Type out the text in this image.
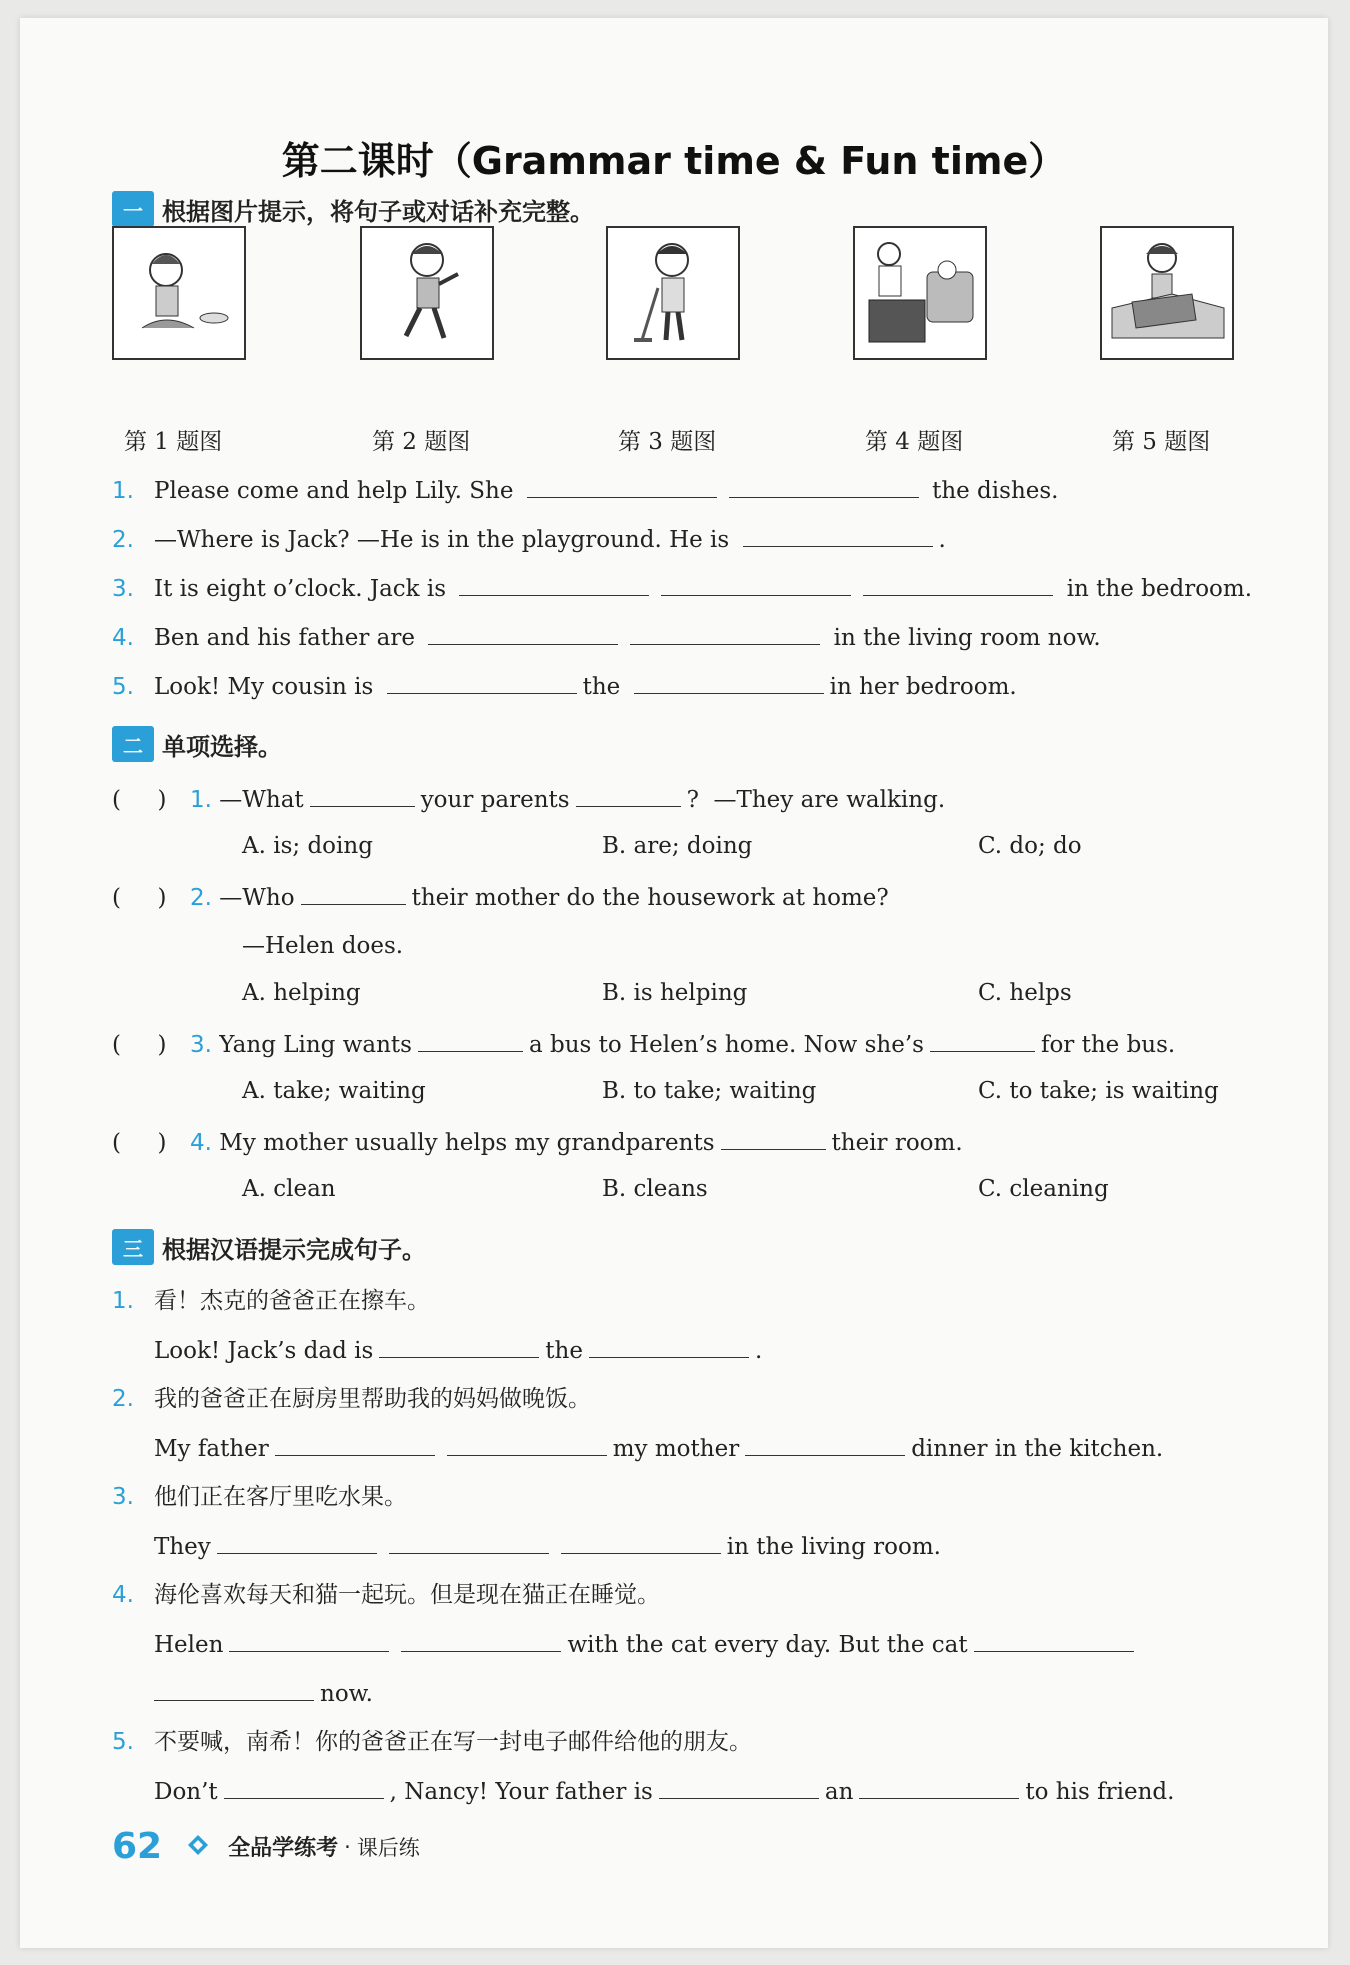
第二课时（Grammar time & Fun time）
一 根据图片提示，将句子或对话补充完整。
第 1 题图	第 2 题图	第 3 题图	第 4 题图	第 5 题图
1. Please come and help Lily. She	the dishes.
2. —Where is Jack? —He is in the playground. He is	.
3. It is eight o’clock. Jack is	in the bedroom.
4. Ben and his father are	in the living room now.
5. Look! My cousin is	the	in her bedroom.
二 单项选择。
(     ) 1. —What	your parents	? —They are walking.
A. is; doing	B. are; doing	C. do; do
(     ) 2. —Who	their mother do the housework at home?
—Helen does.
A. helping	B. is helping	C. helps
(     ) 3. Yang Ling wants	a bus to Helen’s home. Now she’s	for the bus.
A. take; waiting	B. to take; waiting	C. to take; is waiting
(     ) 4. My mother usually helps my grandparents	their room.
A. clean	B. cleans	C. cleaning
三 根据汉语提示完成句子。
1. 看！杰克的爸爸正在擦车。
Look! Jack’s dad is	the	.
2. 我的爸爸正在厨房里帮助我的妈妈做晚饭。
My father	my mother	dinner in the kitchen.
3. 他们正在客厅里吃水果。
They	in the living room.
4. 海伦喜欢每天和猫一起玩。但是现在猫正在睡觉。
Helen	with the cat every day. But the cat
now.
5. 不要喊，南希！你的爸爸正在写一封电子邮件给他的朋友。
Don’t	, Nancy! Your father is	an	to his friend.
62	全品学练考 · 课后练
